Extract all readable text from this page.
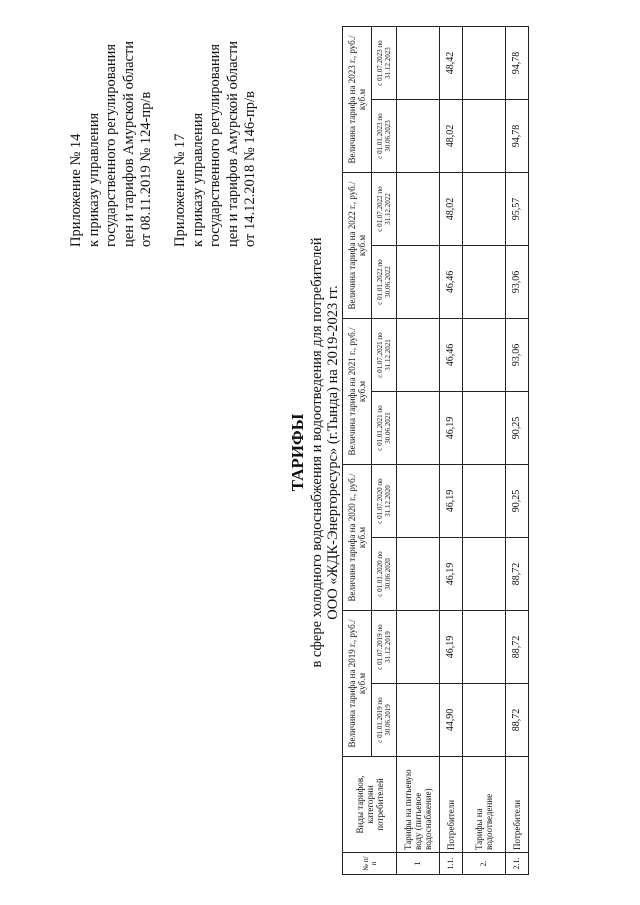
Приложение № 14 к приказу управления государственного регулирования цен и тарифов Амурской области от 08.11.2019 № 124-пр/в Приложение № 17 к приказу управления государственного регулирования цен и тарифов Амурской области от 14.12.2018 № 146-пр/в
ТАРИФЫ в сфере холодного водоснабжения и водоотведения для потребителей ООО «ЖДК-Энергоресурс» (г.Тында) на 2019-2023 гг.
№ п/п	Виды тарифов, категории потребителей	Величина тарифа на 2019 г., руб./куб.м		Величина тарифа на 2020 г., руб./куб.м		Величина тарифа на 2021 г., руб./куб.м		Величина тарифа на 2022 г., руб./куб.м		Величина тарифа на 2023 г., руб./куб.м	
		с 01.01.2019 по 30.06.2019	с 01.07.2019 по 31.12.2019	с 01.01.2020 по 30.06.2020	с 01.07.2020 по 31.12.2020	с 01.01.2021 по 30.06.2021	с 01.07.2021 по 31.12.2021	с 01.01.2022 по 30.06.2022	с 01.07.2022 по 31.12.2022	с 01.01.2023 по 30.06.2023	с 01.07.2023 по 31.12.2023
1	Тарифы на питьевую воду (питьевое водоснабжение)										
1.1.	Потребители	44,90	46,19	46,19	46,19	46,19	46,46	46,46	48,02	48,02	48,42
2.	Тарифы на водоотведение										
2.1.	Потребители	88,72	88,72	88,72	90,25	90,25	93,06	93,06	95,57	94,78	94,78
